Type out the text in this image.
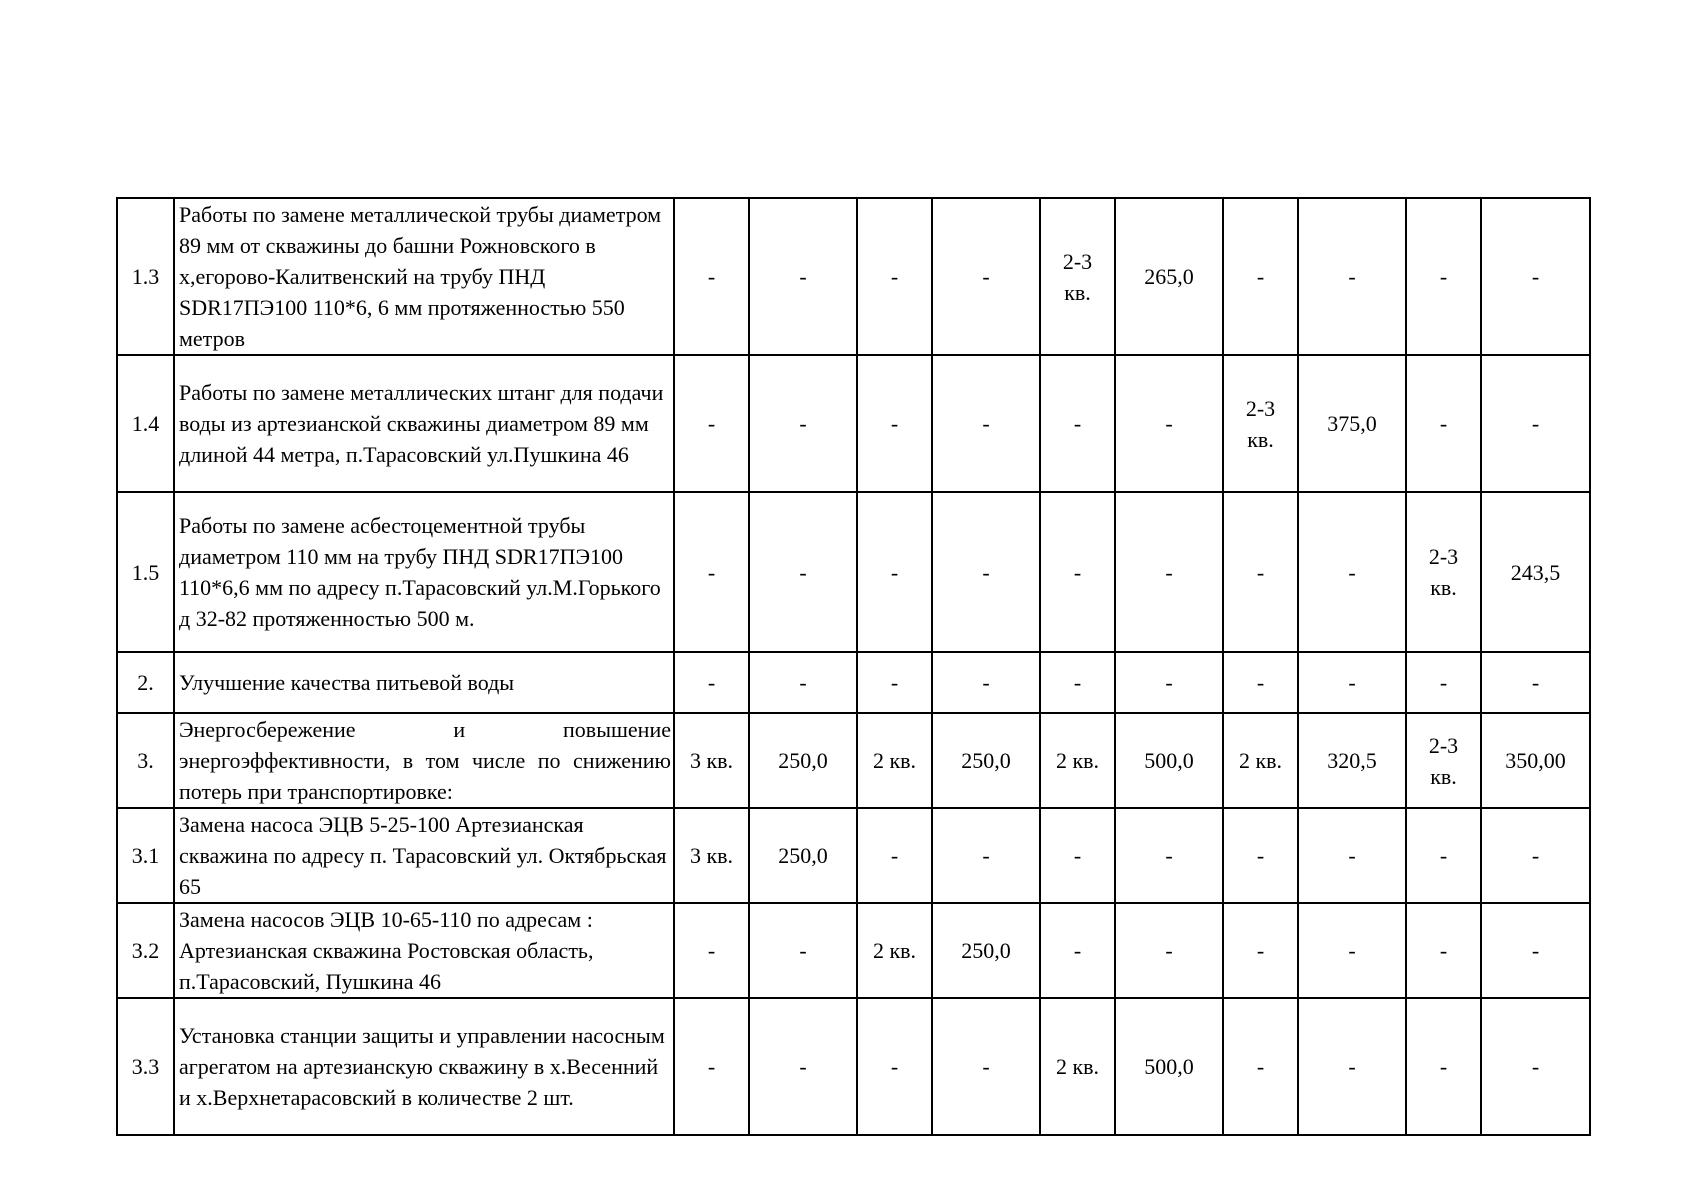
1.3	Работы по замене металлической трубы диаметром 89 мм от скважины до башни Рожновского в х,егорово-Калитвенский на трубу ПНД SDR17ПЭ100 110*6, 6 мм протяженностью 550 метров	-	-	-	-	2-3
кв.	265,0	-	-	-	-
1.4	Работы по замене металлических штанг для подачи воды из артезианской скважины диаметром 89 мм длиной 44 метра, п.Тарасовский ул.Пушкина 46	-	-	-	-	-	-	2-3
кв.	375,0	-	-
1.5	Работы по замене асбестоцементной трубы диаметром 110 мм на трубу ПНД SDR17ПЭ100 110*6,6 мм по адресу п.Тарасовский ул.М.Горького д 32-82 протяженностью 500 м.	-	-	-	-	-	-	-	-	2-3
кв.	243,5
2.	Улучшение качества питьевой воды	-	-	-	-	-	-	-	-	-	-
3.	Энергосбережение и повышение энергоэффективности, в том числе по снижению потерь при транспортировке:	3 кв.	250,0	2 кв.	250,0	2 кв.	500,0	2 кв.	320,5	2-3
кв.	350,00
3.1	Замена насоса ЭЦВ 5-25-100 Артезианская скважина по адресу п. Тарасовский ул. Октябрьская 65	3 кв.	250,0	-	-	-	-	-	-	-	-
3.2	Замена насосов ЭЦВ 10-65-110 по адресам : Артезианская скважина Ростовская область, п.Тарасовский, Пушкина 46	-	-	2 кв.	250,0	-	-	-	-	-	-
3.3	Установка станции защиты и управлении насосным агрегатом на артезианскую скважину в х.Весенний и х.Верхнетарасовский в количестве 2 шт.	-	-	-	-	2 кв.	500,0	-	-	-	-
